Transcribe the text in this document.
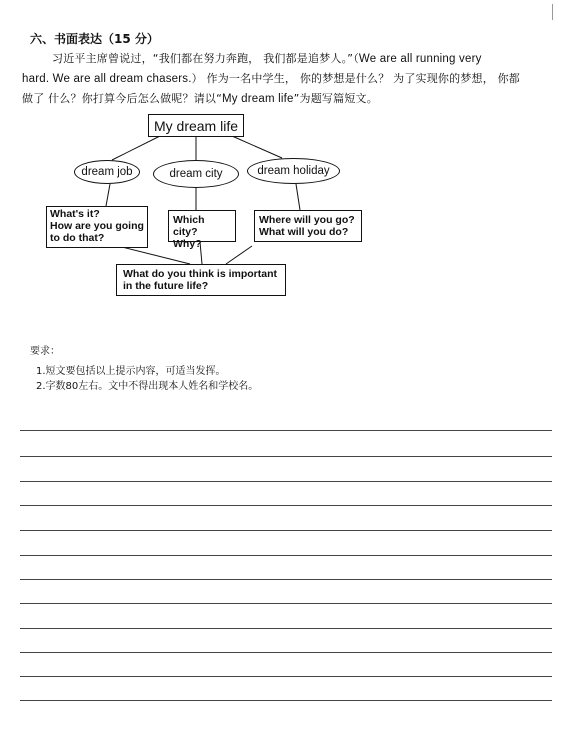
六、书面表达（15 分）
习近平主席曾说过，“我们都在努力奔跑， 我们都是追梦人。”（We are all running very
hard. We are all dream chasers.） 作为一名中学生， 你的梦想是什么？ 为了实现你的梦想， 你都
做了 什么？你打算今后怎么做呢？请以“My dream life”为题写篇短文。
My dream life
dream job	dream city	dream holiday
What's it?
How are you going
to do that?
Which city?
Why?
Where will you go?
What will you do?
What do you think is important
in the future life?
要求：
1.短文要包括以上提示内容，可适当发挥。
2.字数80左右。文中不得出现本人姓名和学校名。
